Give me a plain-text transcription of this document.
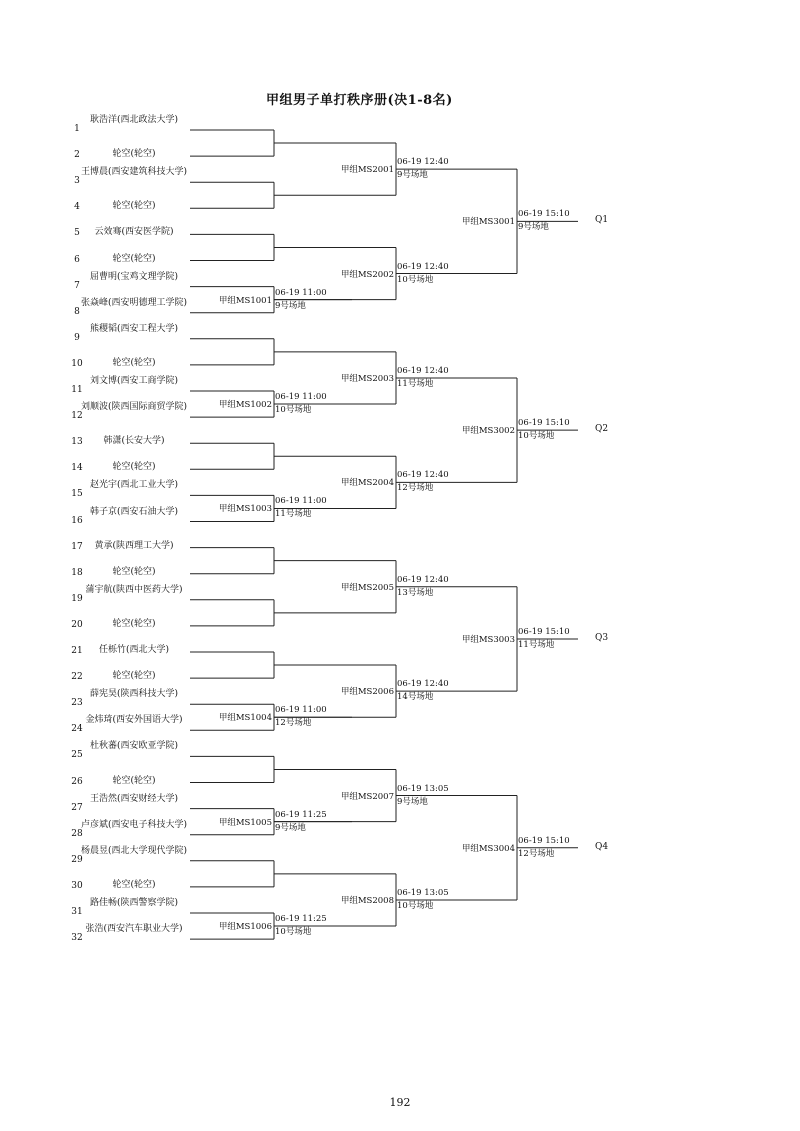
甲组男子单打秩序册(决1-8名)
1
耿浩洋(西北政法大学)
2	轮空(轮空)
3
王博晨(西安建筑科技大学)
4	轮空(轮空)
5	云效骞(西安医学院)
6	轮空(轮空)
7
屈曹明(宝鸡文理学院)
8
张焱峰(西安明德理工学院)
9
熊稷韬(西安工程大学)
10	轮空(轮空)
11
刘文博(西安工商学院)
12
刘顺波(陕西国际商贸学院)
13	韩潇(长安大学)
14	轮空(轮空)
15
赵光宇(西北工业大学)
16
韩子京(西安石油大学)
17	黄承(陕西理工大学)
18	轮空(轮空)
19
蒲宇航(陕西中医药大学)
20	轮空(轮空)
21	任栎竹(西北大学)
22	轮空(轮空)
23
薛宪昊(陕西科技大学)
24
金炜琦(西安外国语大学)
25
杜秋蕃(西安欧亚学院)
26	轮空(轮空)
27
王浩然(西安财经大学)
28
卢彦斌(西安电子科技大学)
29
杨晨昱(西北大学现代学院)
30	轮空(轮空)
31
路佳畅(陕西警察学院)
32
张浩(西安汽车职业大学)
甲组MS1001
06-19 11:00
9号场地
甲组MS1002
06-19 11:00
10号场地
甲组MS1003
06-19 11:00
11号场地
甲组MS1004
06-19 11:00
12号场地
甲组MS1005
06-19 11:25
9号场地
甲组MS1006
06-19 11:25
10号场地
甲组MS2001
甲组MS2002
甲组MS2003
甲组MS2004
甲组MS2005
甲组MS2006
甲组MS2007
甲组MS2008
06-19 12:40
9号场地
06-19 12:40
10号场地
06-19 12:40
11号场地
06-19 12:40
12号场地
06-19 12:40
13号场地
06-19 12:40
14号场地
06-19 13:05
9号场地
06-19 13:05
10号场地
甲组MS3001
06-19 15:10
9号场地
Q1
甲组MS3002
06-19 15:10
10号场地
Q2
甲组MS3003
06-19 15:10
11号场地
Q3
甲组MS3004
06-19 15:10
12号场地
Q4
192
